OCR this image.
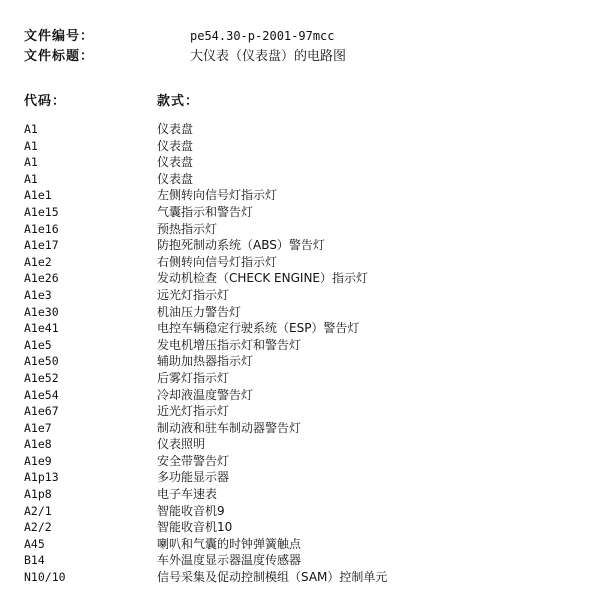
文件编号：	pe54.30-p-2001-97mcc
文件标题：	大仪表（仪表盘）的电路图
代码：	款式：
A1	仪表盘
A1	仪表盘
A1	仪表盘
A1	仪表盘
A1e1	左侧转向信号灯指示灯
A1e15	气囊指示和警告灯
A1e16	预热指示灯
A1e17	防抱死制动系统（ABS）警告灯
A1e2	右侧转向信号灯指示灯
A1e26	发动机检查（CHECK ENGINE）指示灯
A1e3	远光灯指示灯
A1e30	机油压力警告灯
A1e41	电控车辆稳定行驶系统（ESP）警告灯
A1e5	发电机增压指示灯和警告灯
A1e50	辅助加热器指示灯
A1e52	后雾灯指示灯
A1e54	冷却液温度警告灯
A1e67	近光灯指示灯
A1e7	制动液和驻车制动器警告灯
A1e8	仪表照明
A1e9	安全带警告灯
A1p13	多功能显示器
A1p8	电子车速表
A2/1	智能收音机9
A2/2	智能收音机10
A45	喇叭和气囊的时钟弹簧触点
B14	车外温度显示器温度传感器
N10/10	信号采集及促动控制模组（SAM）控制单元
